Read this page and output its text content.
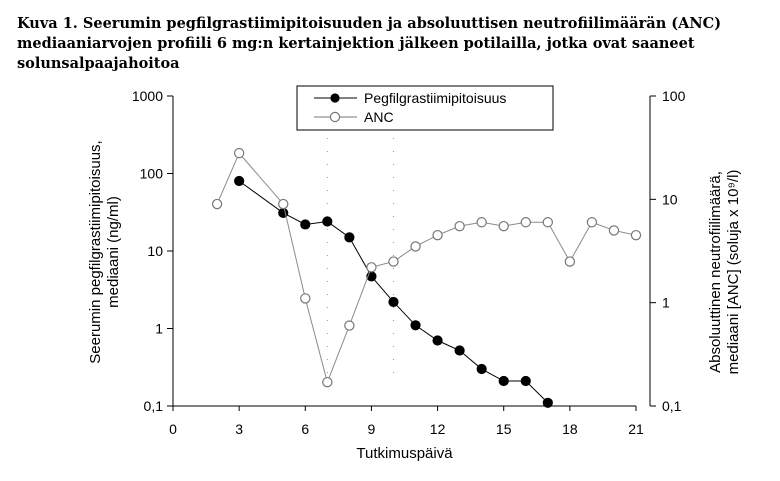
Kuva 1. Seerumin pegfilgrastiimipitoisuuden ja absoluuttisen neutrofiilimäärän (ANC) mediaaniarvojen profiili 6 mg:n kertainjektion jälkeen potilailla, jotka ovat saaneet solunsalpaajahoitoa

0	3	6	9	12	15	18	21
Tutkimuspäivä
0,1
1
10
100
1000
Seerumin pegfilgrastiimipitoisuus,mediaani (ng/ml)
0,1
1
10
100
Absoluuttinen neutrofiilimäärä,mediaani [ANC] (soluja x 10⁹/l)
Pegfilgrastiimipitoisuus
ANC
